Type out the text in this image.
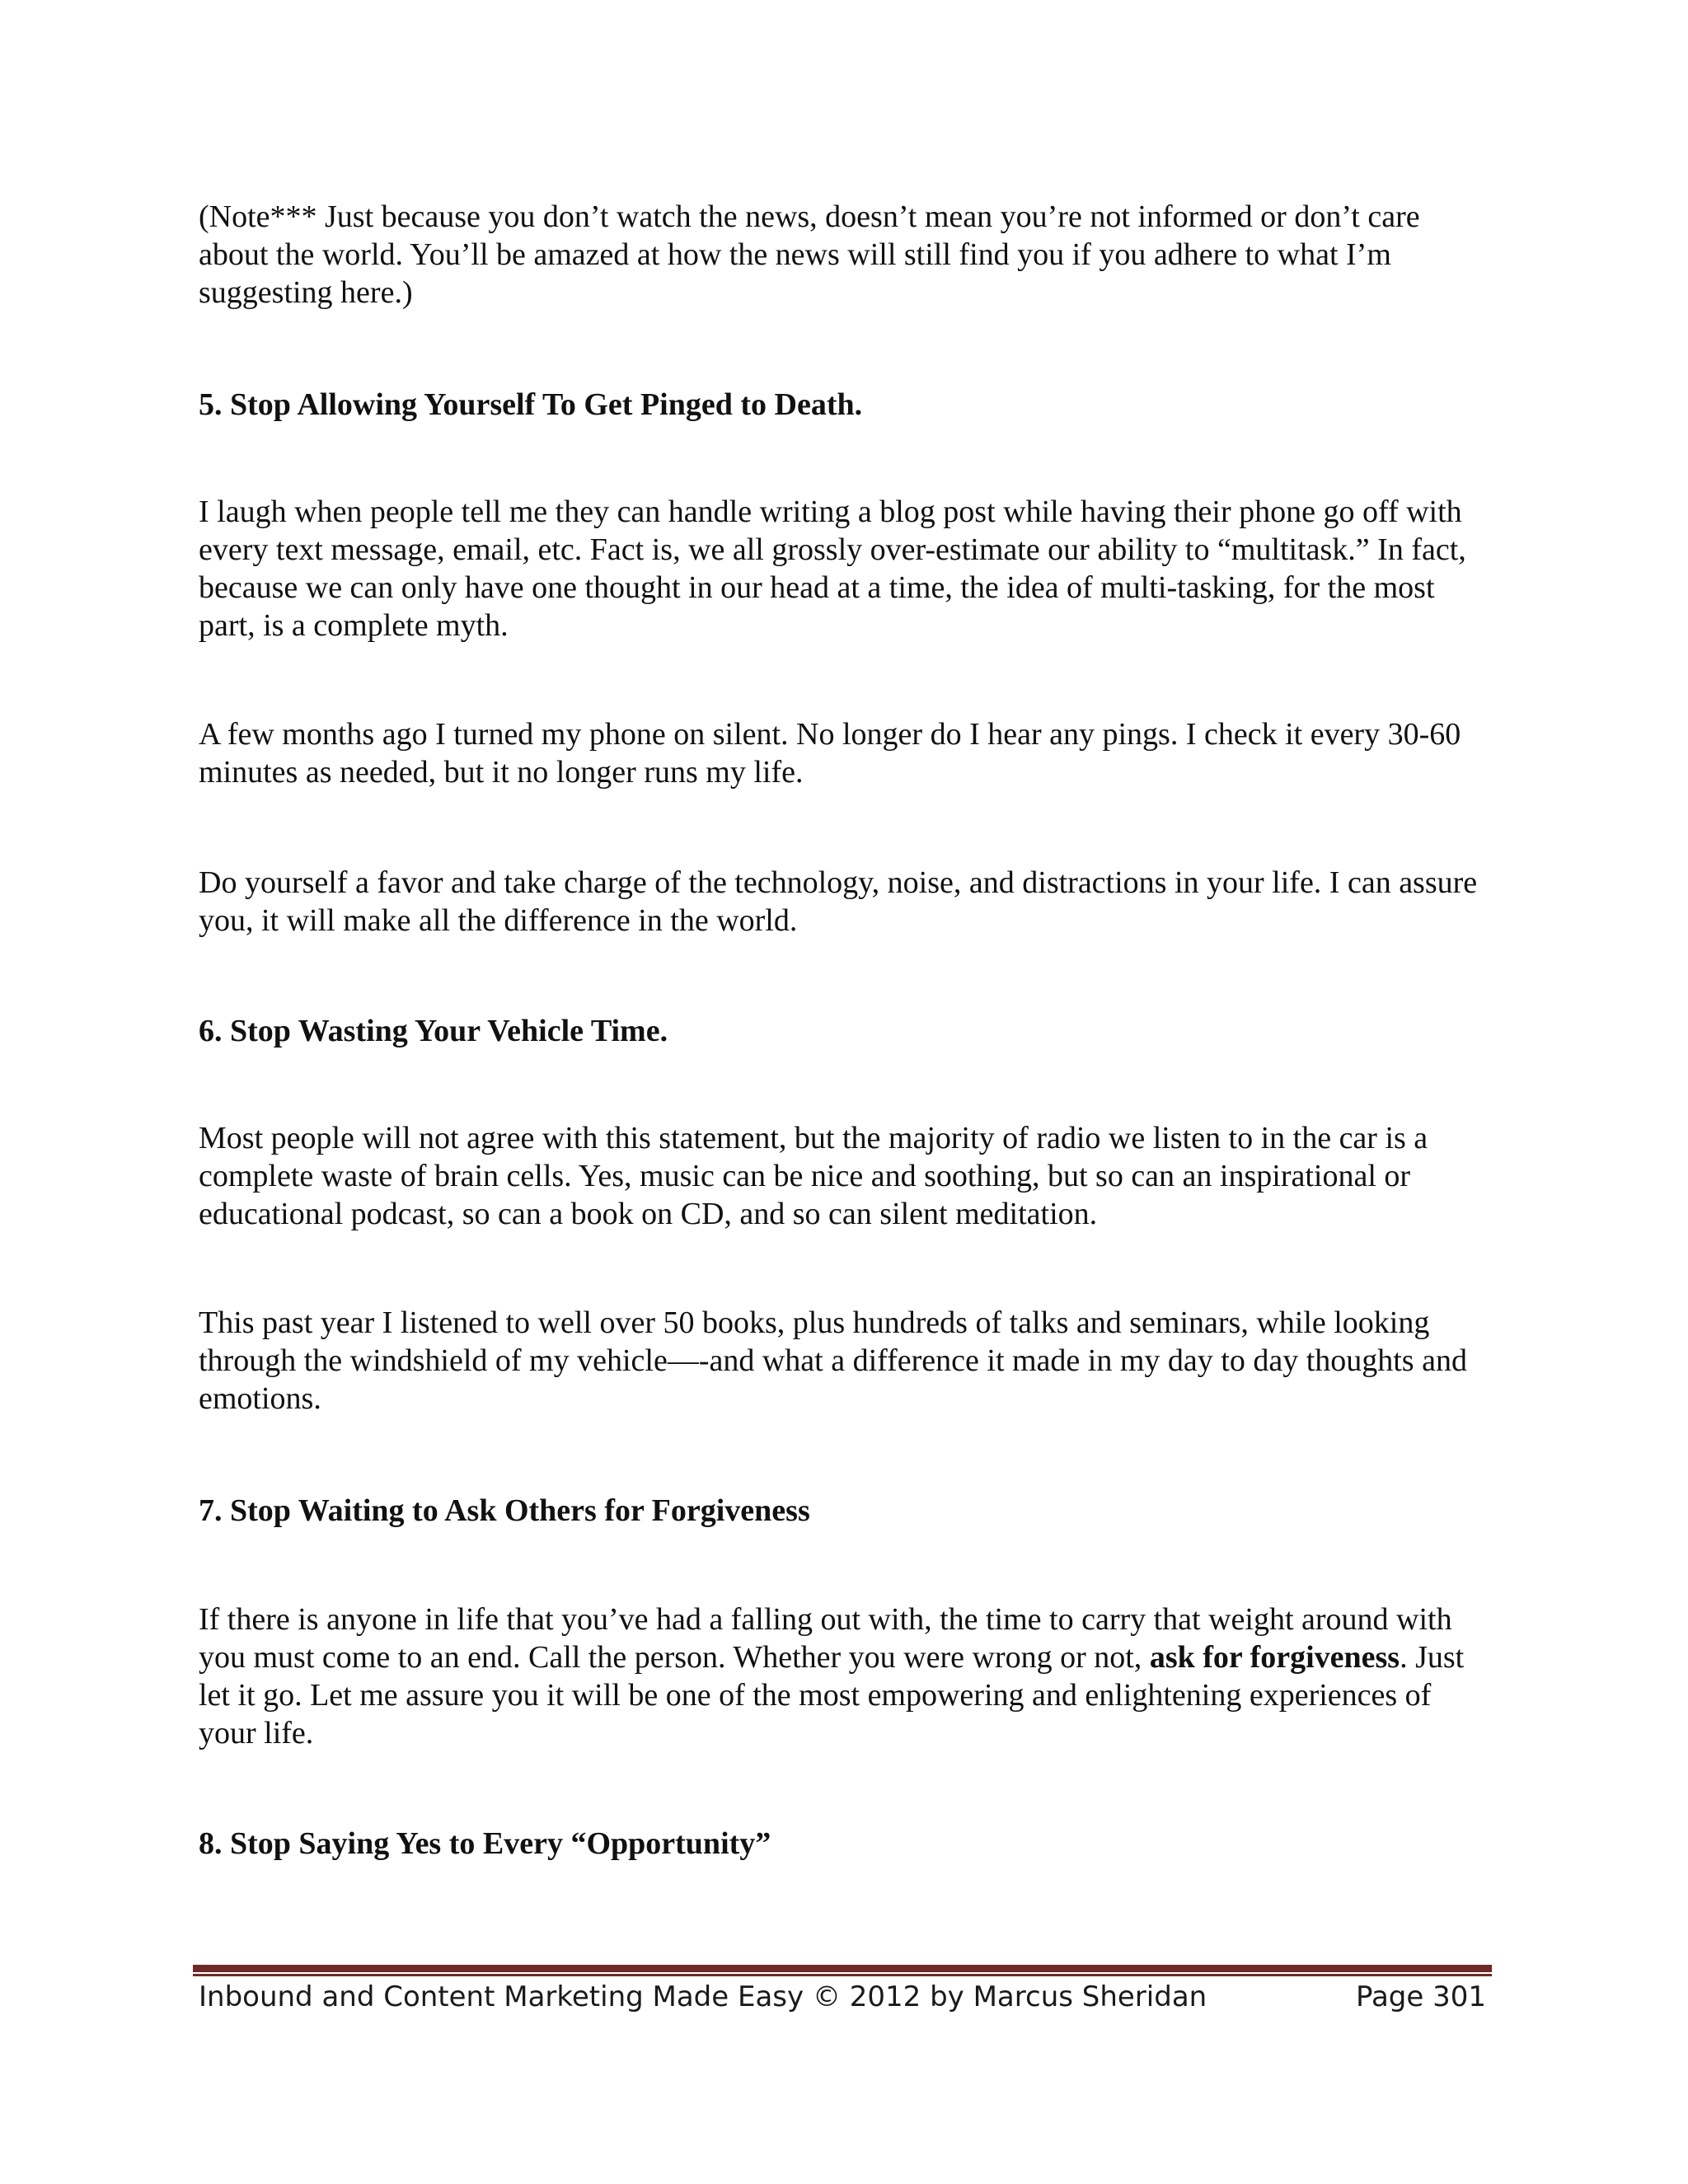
(Note*** Just because you don’t watch the news, doesn’t mean you’re not informed or don’t care about the world. You’ll be amazed at how the news will still find you if you adhere to what I’m suggesting here.)

5. Stop Allowing Yourself To Get Pinged to Death.

I laugh when people tell me they can handle writing a blog post while having their phone go off with every text message, email, etc. Fact is, we all grossly over-estimate our ability to “multitask.” In fact, because we can only have one thought in our head at a time, the idea of multi-tasking, for the most part, is a complete myth.

A few months ago I turned my phone on silent. No longer do I hear any pings. I check it every 30-60 minutes as needed, but it no longer runs my life.

Do yourself a favor and take charge of the technology, noise, and distractions in your life. I can assure you, it will make all the difference in the world.

6. Stop Wasting Your Vehicle Time.

Most people will not agree with this statement, but the majority of radio we listen to in the car is a complete waste of brain cells. Yes, music can be nice and soothing, but so can an inspirational or educational podcast, so can a book on CD, and so can silent meditation.

This past year I listened to well over 50 books, plus hundreds of talks and seminars, while looking through the windshield of my vehicle—-and what a difference it made in my day to day thoughts and emotions.

7. Stop Waiting to Ask Others for Forgiveness

If there is anyone in life that you’ve had a falling out with, the time to carry that weight around with you must come to an end. Call the person. Whether you were wrong or not, ask for forgiveness. Just let it go. Let me assure you it will be one of the most empowering and enlightening experiences of your life.

8. Stop Saying Yes to Every “Opportunity”

Inbound and Content Marketing Made Easy © 2012 by Marcus Sheridan	Page 301
